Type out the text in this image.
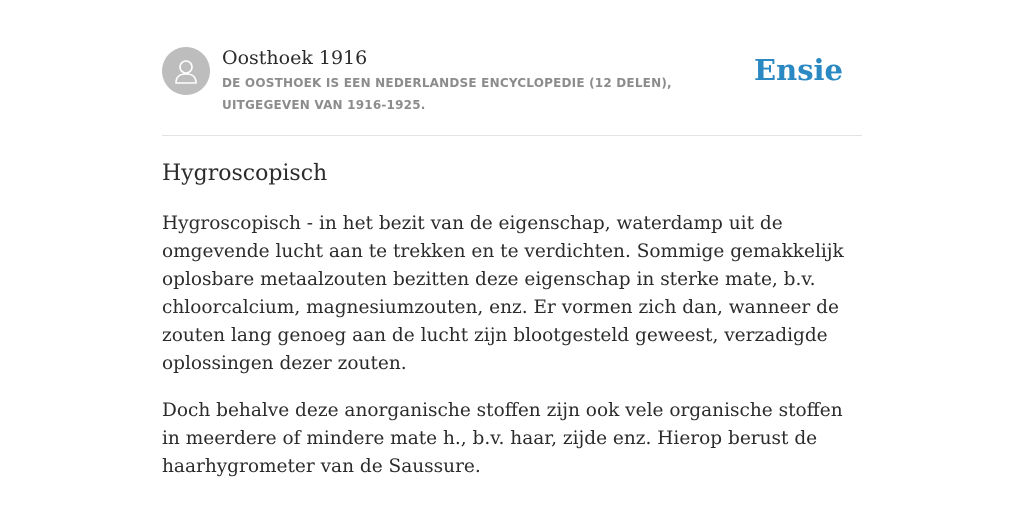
Oosthoek 1916
DE OOSTHOEK IS EEN NEDERLANDSE ENCYCLOPEDIE (12 DELEN), UITGEGEVEN VAN 1916-1925.
Ensie
Hygroscopisch

Hygroscopisch - in het bezit van de eigenschap, waterdamp uit de omgevende lucht aan te trekken en te verdichten. Sommige gemakkelijk oplosbare metaalzouten bezitten deze eigenschap in sterke mate, b.v. chloorcalcium, magnesiumzouten, enz. Er vormen zich dan, wanneer de zouten lang genoeg aan de lucht zijn blootgesteld geweest, verzadigde oplossingen dezer zouten.

Doch behalve deze anorganische stoffen zijn ook vele organische stoffen in meerdere of mindere mate h., b.v. haar, zijde enz. Hierop berust de haarhygrometer van de Saussure.
